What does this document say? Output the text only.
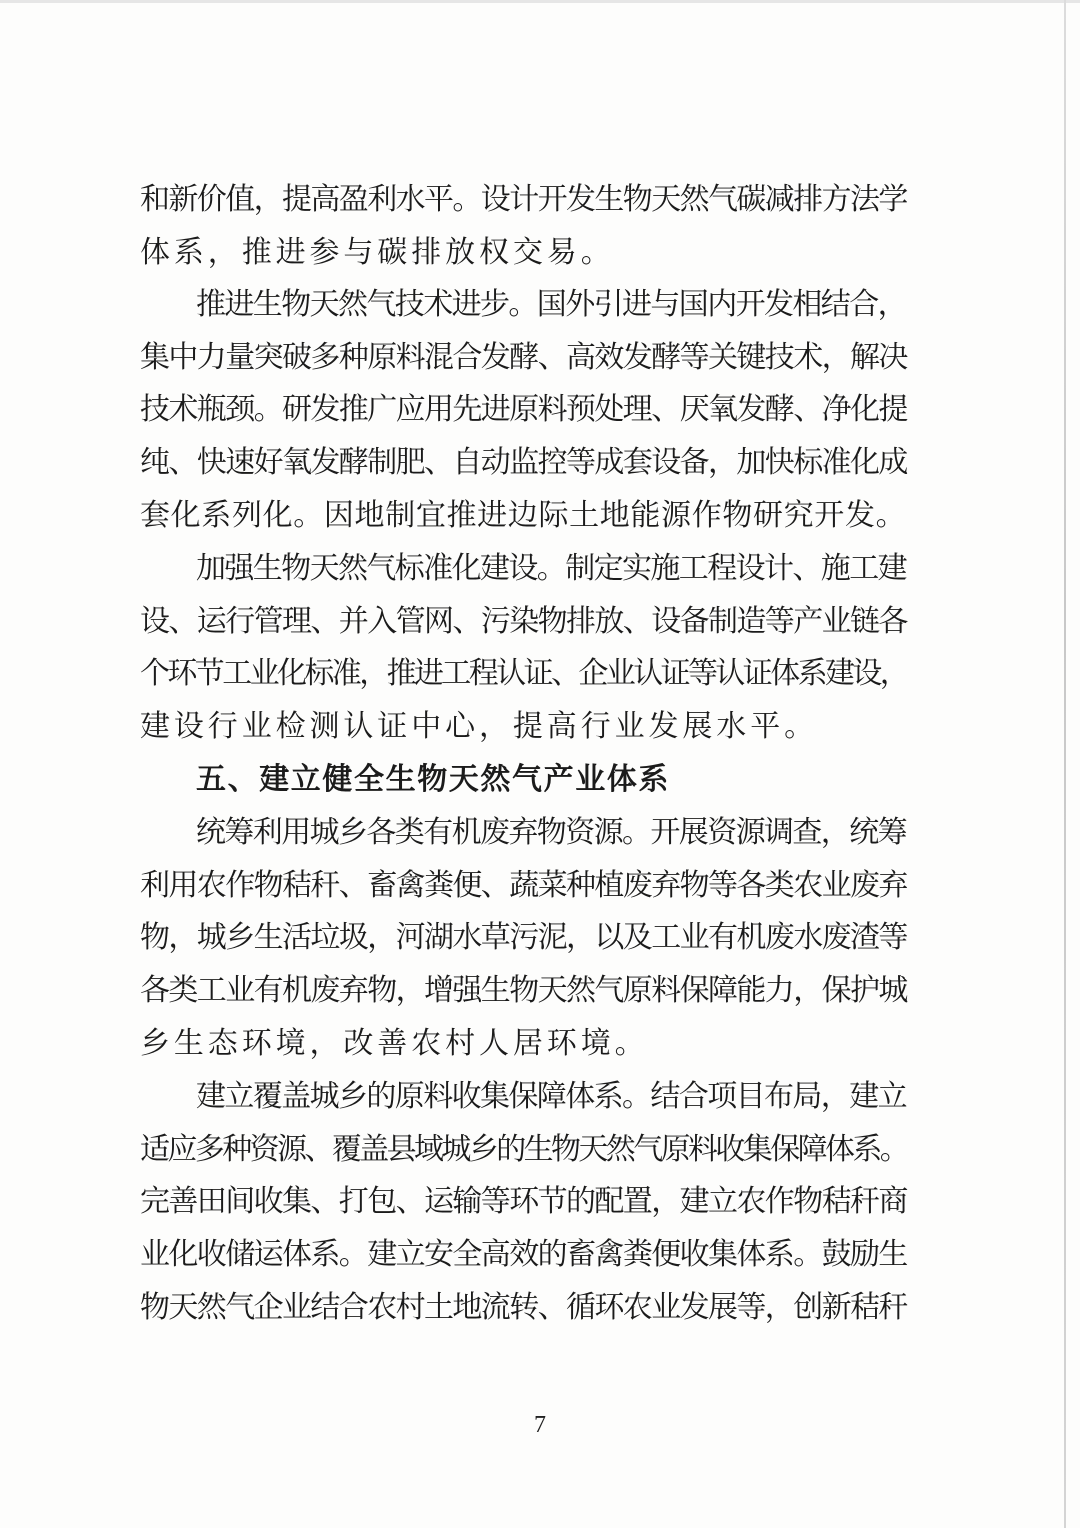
和新价值，提高盈利水平。设计开发生物天然气碳减排方法学
体系，推进参与碳排放权交易。
推进生物天然气技术进步。国外引进与国内开发相结合，
集中力量突破多种原料混合发酵、高效发酵等关键技术，解决
技术瓶颈。研发推广应用先进原料预处理、厌氧发酵、净化提
纯、快速好氧发酵制肥、自动监控等成套设备，加快标准化成
套化系列化。因地制宜推进边际土地能源作物研究开发。
加强生物天然气标准化建设。制定实施工程设计、施工建
设、运行管理、并入管网、污染物排放、设备制造等产业链各
个环节工业化标准，推进工程认证、企业认证等认证体系建设，
建设行业检测认证中心，提高行业发展水平。
五、建立健全生物天然气产业体系
统筹利用城乡各类有机废弃物资源。开展资源调查，统筹
利用农作物秸秆、畜禽粪便、蔬菜种植废弃物等各类农业废弃
物，城乡生活垃圾，河湖水草污泥，以及工业有机废水废渣等
各类工业有机废弃物，增强生物天然气原料保障能力，保护城
乡生态环境，改善农村人居环境。
建立覆盖城乡的原料收集保障体系。结合项目布局，建立
适应多种资源、覆盖县域城乡的生物天然气原料收集保障体系。
完善田间收集、打包、运输等环节的配置，建立农作物秸秆商
业化收储运体系。建立安全高效的畜禽粪便收集体系。鼓励生
物天然气企业结合农村土地流转、循环农业发展等，创新秸秆
7
